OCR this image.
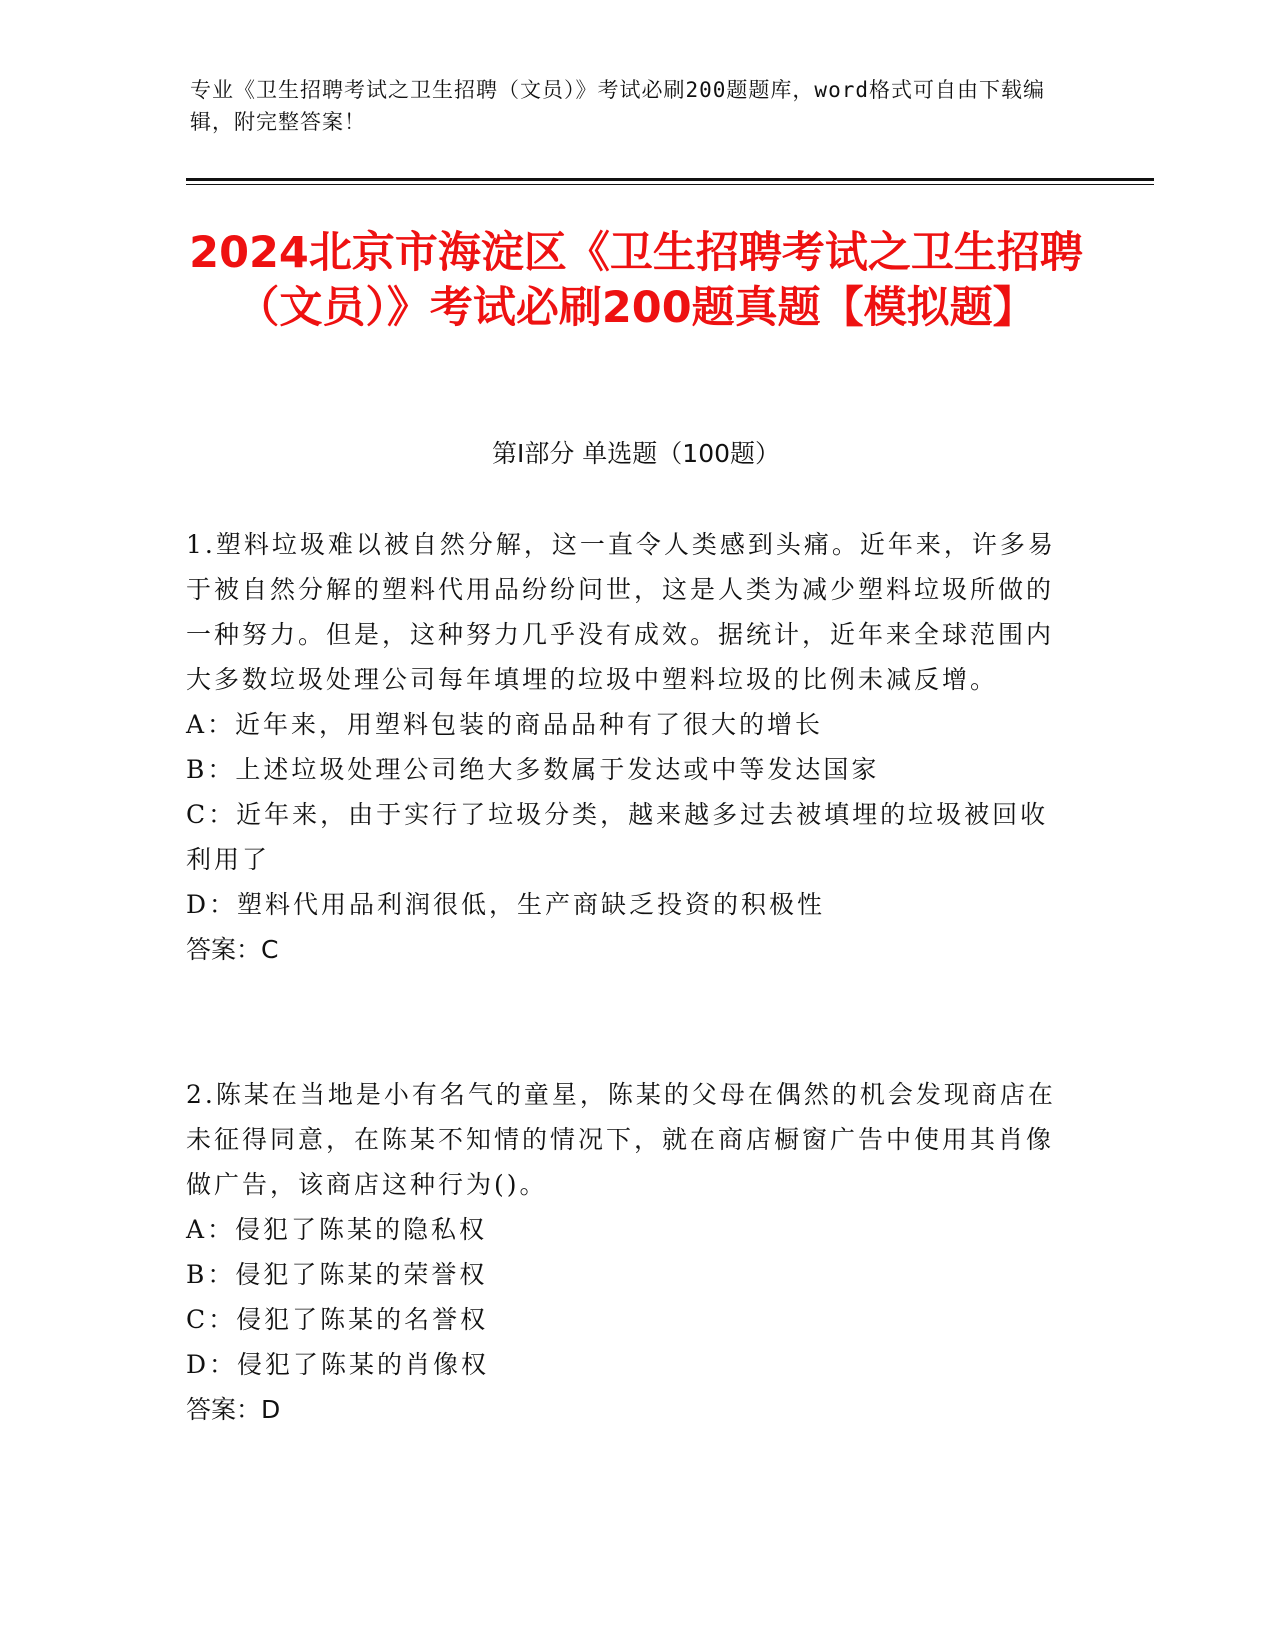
专业《卫生招聘考试之卫生招聘（文员）》考试必刷200题题库，word格式可自由下载编辑，附完整答案！
2024北京市海淀区《卫生招聘考试之卫生招聘（文员）》考试必刷200题真题【模拟题】
第Ⅰ部分 单选题（100题）

1.塑料垃圾难以被自然分解，这一直令人类感到头痛。近年来，许多易于被自然分解的塑料代用品纷纷问世，这是人类为减少塑料垃圾所做的一种努力。但是，这种努力几乎没有成效。据统计，近年来全球范围内大多数垃圾处理公司每年填埋的垃圾中塑料垃圾的比例未减反增。

A：近年来，用塑料包装的商品品种有了很大的增长

B：上述垃圾处理公司绝大多数属于发达或中等发达国家

C：近年来，由于实行了垃圾分类，越来越多过去被填埋的垃圾被回收利用了

D：塑料代用品利润很低，生产商缺乏投资的积极性

答案：C

2.陈某在当地是小有名气的童星，陈某的父母在偶然的机会发现商店在未征得同意，在陈某不知情的情况下，就在商店橱窗广告中使用其肖像做广告，该商店这种行为()。

A：侵犯了陈某的隐私权

B：侵犯了陈某的荣誉权

C：侵犯了陈某的名誉权

D：侵犯了陈某的肖像权

答案：D
